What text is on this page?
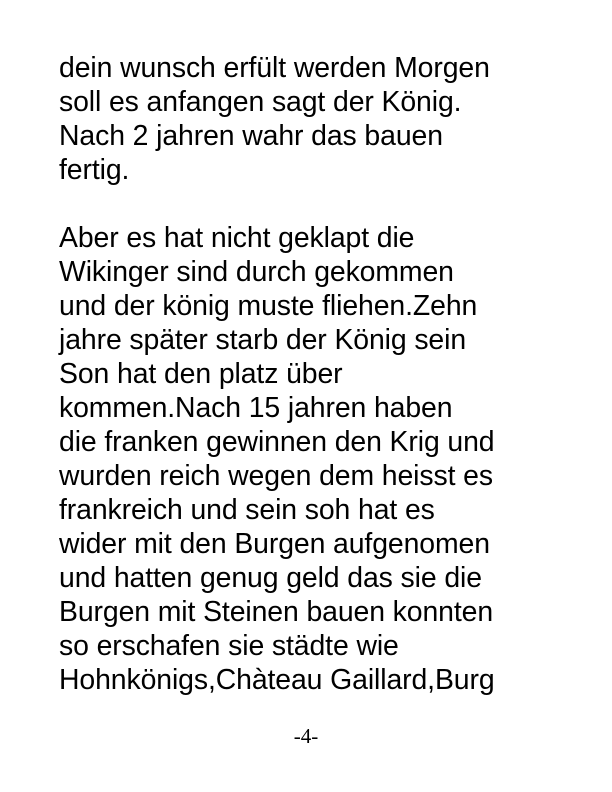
dein wunsch erfült werden Morgen
soll es anfangen sagt der König.
Nach 2 jahren wahr das bauen
fertig.
Aber es hat nicht geklapt die
Wikinger sind durch gekommen
und der könig muste fliehen.Zehn
jahre später starb der König sein
Son hat den platz über
kommen.Nach 15 jahren haben
die franken gewinnen den Krig und
wurden reich wegen dem heisst es
frankreich und sein soh hat es
wider mit den Burgen aufgenomen
und hatten genug geld das sie die
Burgen mit Steinen bauen konnten
so erschafen sie städte wie
Hohnkönigs,Chàteau Gaillard,Burg
-4-
